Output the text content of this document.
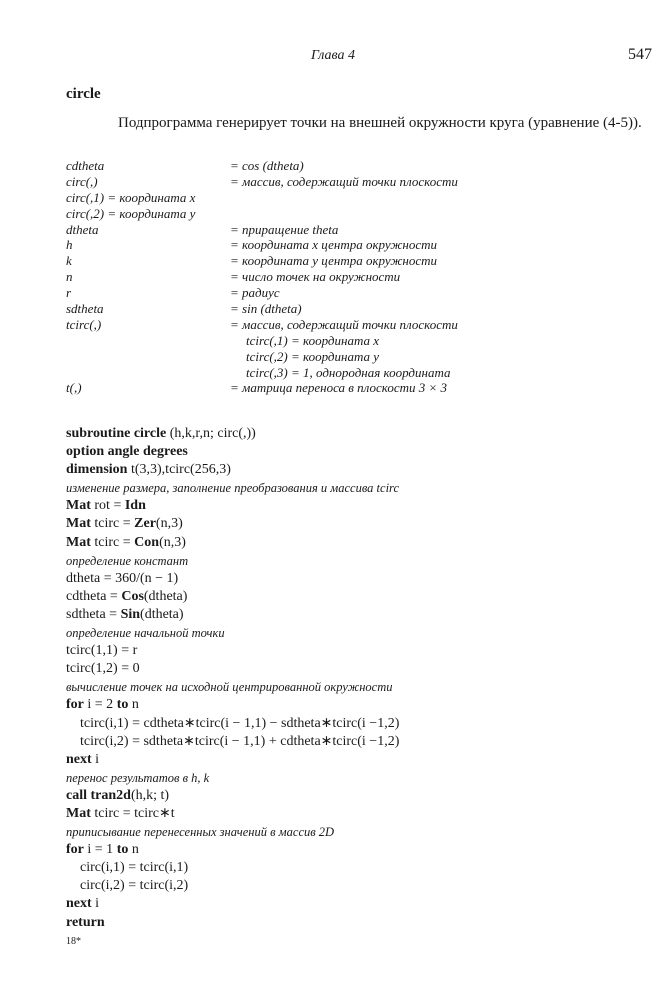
Глава 4	547
circle
Подпрограмма генерирует точки на внешней окружности круга (уравнение (4-5)).
cdtheta	= cos (dtheta)
circ(,)	= массив, содержащий точки плоскости
circ(,1) = координата x
circ(,2) = координата y
dtheta	= приращение theta
h	= координата x центра окружности
k	= координата y центра окружности
n	= число точек на окружности
r	= радиус
sdtheta	= sin (dtheta)
tcirc(,)	= массив, содержащий точки плоскости
tcirc(,1) = координата x
tcirc(,2) = координата y
tcirc(,3) = 1, однородная координата
t(,)	= матрица переноса в плоскости 3 × 3
subroutine circle (h,k,r,n; circ(,))
option angle degrees
dimension t(3,3),tcirc(256,3)
изменение размера, заполнение преобразования и массива tcirc
Mat rot = Idn
Mat tcirc = Zer(n,3)
Mat tcirc = Con(n,3)
определение констант
dtheta = 360/(n − 1)
cdtheta = Cos(dtheta)
sdtheta = Sin(dtheta)
определение начальной точки
tcirc(1,1) = r
tcirc(1,2) = 0
вычисление точек на исходной центрированной окружности
for i = 2 to n
tcirc(i,1) = cdtheta∗tcirc(i − 1,1) − sdtheta∗tcirc(i −1,2)
tcirc(i,2) = sdtheta∗tcirc(i − 1,1) + cdtheta∗tcirc(i −1,2)
next i
перенос результатов в h, k
call tran2d(h,k; t)
Mat tcirc = tcirc∗t
приписывание перенесенных значений в массив 2D
for i = 1 to n
circ(i,1) = tcirc(i,1)
circ(i,2) = tcirc(i,2)
next i
return
18*
